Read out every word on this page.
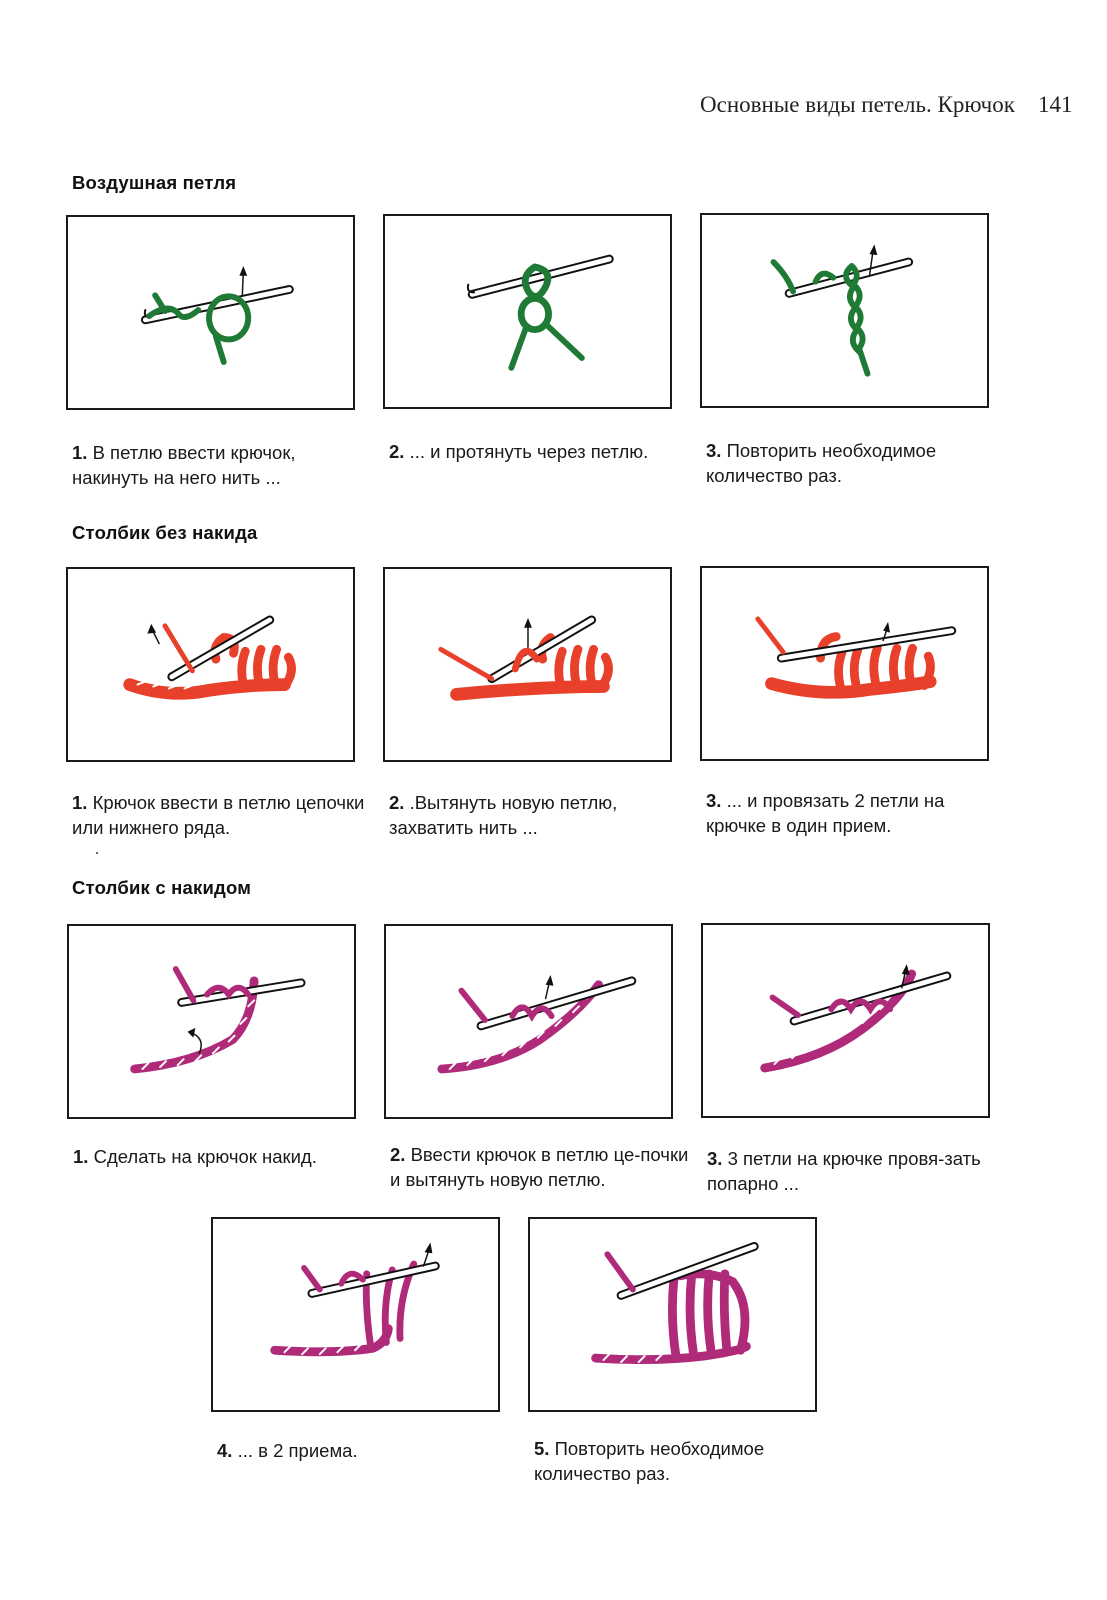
Основные виды петель. Крючок 141
Воздушная петля
1. В петлю ввести крючок, накинуть на него нить ...
2. ... и протянуть через петлю.	3. Повторить необходимое количество раз.
Столбик без накида
1. Крючок ввести в петлю цепочки или нижнего ряда.
2. .Вытянуть новую петлю, захватить нить ...
3. ... и провязать 2 петли на крючке в один прием.
Столбик с накидом
1. Сделать на крючок накид.	2. Ввести крючок в петлю це-почки и вытянуть новую петлю.
3. 3 петли на крючке провя-зать попарно ...
4. ... в 2 приема.	5. Повторить необходимое количество раз.
